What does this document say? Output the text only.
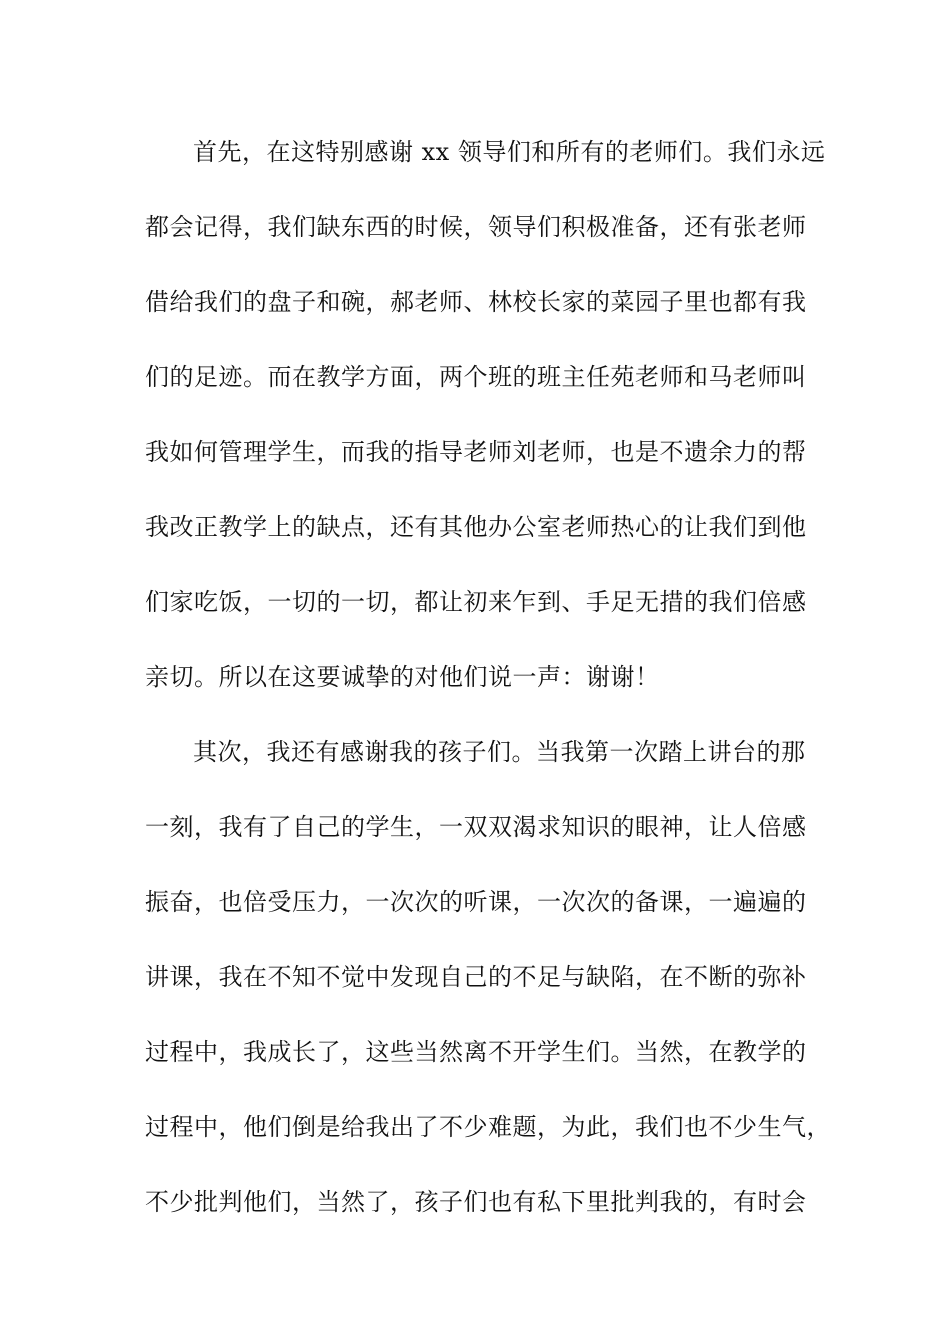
首先，在这特别感谢 xx 领导们和所有的老师们。我们永远
都会记得，我们缺东西的时候，领导们积极准备，还有张老师
借给我们的盘子和碗，郝老师、林校长家的菜园子里也都有我
们的足迹。而在教学方面，两个班的班主任苑老师和马老师叫
我如何管理学生，而我的指导老师刘老师，也是不遗余力的帮
我改正教学上的缺点，还有其他办公室老师热心的让我们到他
们家吃饭，一切的一切，都让初来乍到、手足无措的我们倍感
亲切。所以在这要诚挚的对他们说一声：谢谢！
其次，我还有感谢我的孩子们。当我第一次踏上讲台的那
一刻，我有了自己的学生，一双双渴求知识的眼神，让人倍感
振奋，也倍受压力，一次次的听课，一次次的备课，一遍遍的
讲课，我在不知不觉中发现自己的不足与缺陷，在不断的弥补
过程中，我成长了，这些当然离不开学生们。当然，在教学的
过程中，他们倒是给我出了不少难题，为此，我们也不少生气，
不少批判他们，当然了，孩子们也有私下里批判我的，有时会
